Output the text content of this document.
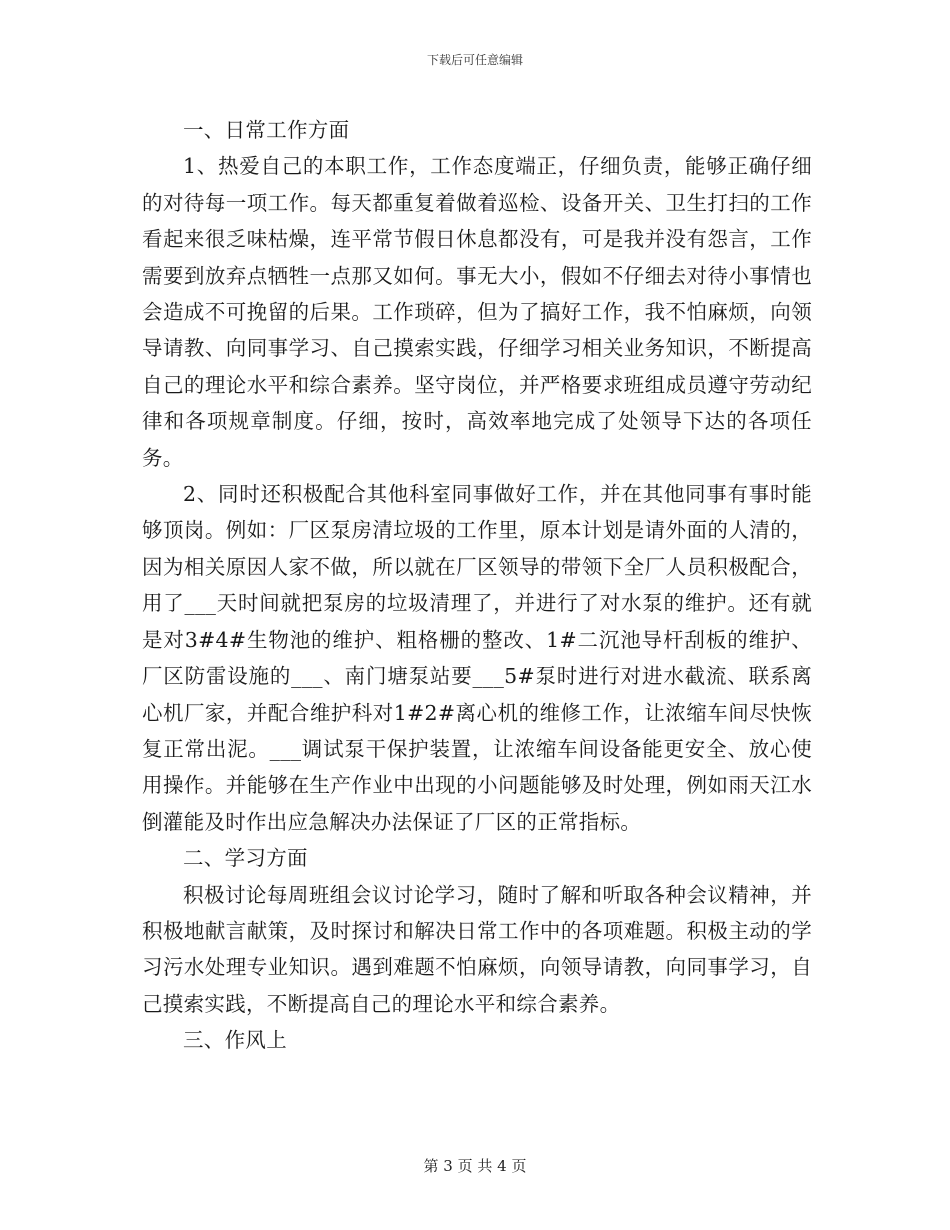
下载后可任意编辑

一、日常工作方面

1、热爱自己的本职工作，工作态度端正，仔细负责，能够正确仔细的对待每一项工作。每天都重复着做着巡检、设备开关、卫生打扫的工作看起来很乏味枯燥，连平常节假日休息都没有，可是我并没有怨言，工作需要到放弃点牺牲一点那又如何。事无大小，假如不仔细去对待小事情也会造成不可挽留的后果。工作琐碎，但为了搞好工作，我不怕麻烦，向领导请教、向同事学习、自己摸索实践，仔细学习相关业务知识，不断提高自己的理论水平和综合素养。坚守岗位，并严格要求班组成员遵守劳动纪律和各项规章制度。仔细，按时，高效率地完成了处领导下达的各项任务。

2、同时还积极配合其他科室同事做好工作，并在其他同事有事时能够顶岗。例如：厂区泵房清垃圾的工作里，原本计划是请外面的人清的，因为相关原因人家不做，所以就在厂区领导的带领下全厂人员积极配合，用了___天时间就把泵房的垃圾清理了，并进行了对水泵的维护。还有就是对3#4#生物池的维护、粗格栅的整改、1#二沉池导杆刮板的维护、厂区防雷设施的___、南门塘泵站要___5#泵时进行对进水截流、联系离心机厂家，并配合维护科对1#2#离心机的维修工作，让浓缩车间尽快恢复正常出泥。___调试泵干保护装置，让浓缩车间设备能更安全、放心使用操作。并能够在生产作业中出现的小问题能够及时处理，例如雨天江水倒灌能及时作出应急解决办法保证了厂区的正常指标。

二、学习方面

积极讨论每周班组会议讨论学习，随时了解和听取各种会议精神，并积极地献言献策，及时探讨和解决日常工作中的各项难题。积极主动的学习污水处理专业知识。遇到难题不怕麻烦，向领导请教，向同事学习，自己摸索实践，不断提高自己的理论水平和综合素养。

三、作风上

第 3 页 共 4 页
